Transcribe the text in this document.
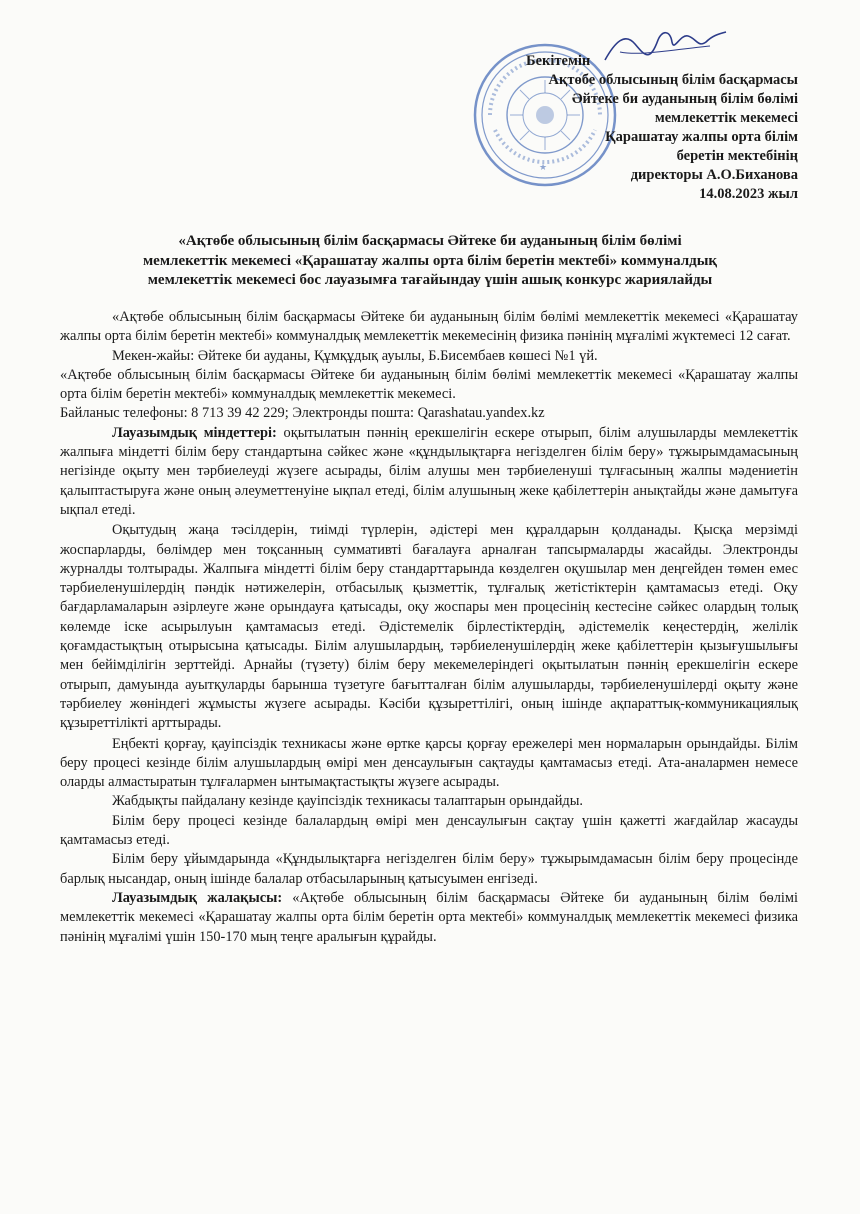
★
Бекітемін
Ақтөбе облысының білім басқармасы
Әйтеке би ауданының білім бөлімі
мемлекеттік мекемесі
Қарашатау жалпы орта білім
беретін мектебінің
директоры А.О.Биханова
14.08.2023 жыл
«Ақтөбе облысының білім басқармасы Әйтеке би ауданының білім бөлімі
мемлекеттік мекемесі «Қарашатау жалпы орта білім беретін мектебі» коммуналдық
мемлекеттік мекемесі бос лауазымға тағайындау үшін ашық конкурс жариялайды

«Ақтөбе облысының білім басқармасы Әйтеке би ауданының білім бөлімі мемлекеттік мекемесі «Қарашатау жалпы орта білім беретін мектебі» коммуналдық мемлекеттік мекемесінің физика пәнінің мұғалімі жүктемесі 12 сағат.

Мекен-жайы: Әйтеке би ауданы, Құмқұдық ауылы, Б.Бисембаев көшесі №1 үй.

«Ақтөбе облысының білім басқармасы Әйтеке би ауданының білім бөлімі мемлекеттік мекемесі «Қарашатау жалпы орта білім беретін мектебі» коммуналдық мемлекеттік мекемесі.

Байланыс телефоны: 8 713 39 42 229; Электронды пошта: Qarashatau.yandex.kz

Лауазымдық міндеттері: оқытылатын пәннің ерекшелігін ескере отырып, білім алушыларды мемлекеттік жалпыға міндетті білім беру стандартына сәйкес және «құндылықтарға негізделген білім беру» тұжырымдамасының негізінде оқыту мен тәрбиелеуді жүзеге асырады, білім алушы мен тәрбиеленуші тұлғасының жалпы мәдениетін қалыптастыруға және оның әлеуметтенуіне ықпал етеді, білім алушының жеке қабілеттерін анықтайды және дамытуға ықпал етеді.

Оқытудың жаңа тәсілдерін, тиімді түрлерін, әдістері мен құралдарын қолданады. Қысқа мерзімді жоспарларды, бөлімдер мен тоқсанның суммативті бағалауға арналған тапсырмаларды жасайды. Электронды журналды толтырады. Жалпыға міндетті білім беру стандарттарында көзделген оқушылар мен деңгейден төмен емес тәрбиеленушілердің пәндік нәтижелерін, отбасылық қызметтік, тұлғалық жетістіктерін қамтамасыз етеді. Оқу бағдарламаларын әзірлеуге және орындауға қатысады, оқу жоспары мен процесінің кестесіне сәйкес олардың толық көлемде іске асырылуын қамтамасыз етеді. Әдістемелік бірлестіктердің, әдістемелік кеңестердің, желілік қоғамдастықтың отырысына қатысады. Білім алушылардың, тәрбиеленушілердің жеке қабілеттерін қызығушылығы мен бейімділігін зерттейді. Арнайы (түзету) білім беру мекемелеріндегі оқытылатын пәннің ерекшелігін ескере отырып, дамуында ауытқуларды барынша түзетуге бағытталған білім алушыларды, тәрбиеленушілерді оқыту және тәрбиелеу жөніндегі жұмысты жүзеге асырады. Кәсіби құзыреттілігі, оның ішінде ақпараттық-коммуникациялық құзыреттілікті арттырады.

Еңбекті қорғау, қауіпсіздік техникасы және өртке қарсы қорғау ережелері мен нормаларын орындайды. Білім беру процесі кезінде білім алушылардың өмірі мен денсаулығын сақтауды қамтамасыз етеді. Ата-аналармен немесе оларды алмастыратын тұлғалармен ынтымақтастықты жүзеге асырады.

Жабдықты пайдалану кезінде қауіпсіздік техникасы талаптарын орындайды.

Білім беру процесі кезінде балалардың өмірі мен денсаулығын сақтау үшін қажетті жағдайлар жасауды қамтамасыз етеді.

Білім беру ұйымдарында «Құндылықтарға негізделген білім беру» тұжырымдамасын білім беру процесінде барлық нысандар, оның ішінде балалар отбасыларының қатысуымен енгізеді.

Лауазымдық жалақысы: «Ақтөбе облысының білім басқармасы Әйтеке би ауданының білім бөлімі мемлекеттік мекемесі «Қарашатау жалпы орта білім беретін орта мектебі» коммуналдық мемлекеттік мекемесі физика пәнінің мұғалімі үшін 150-170 мың теңге аралығын құрайды.
